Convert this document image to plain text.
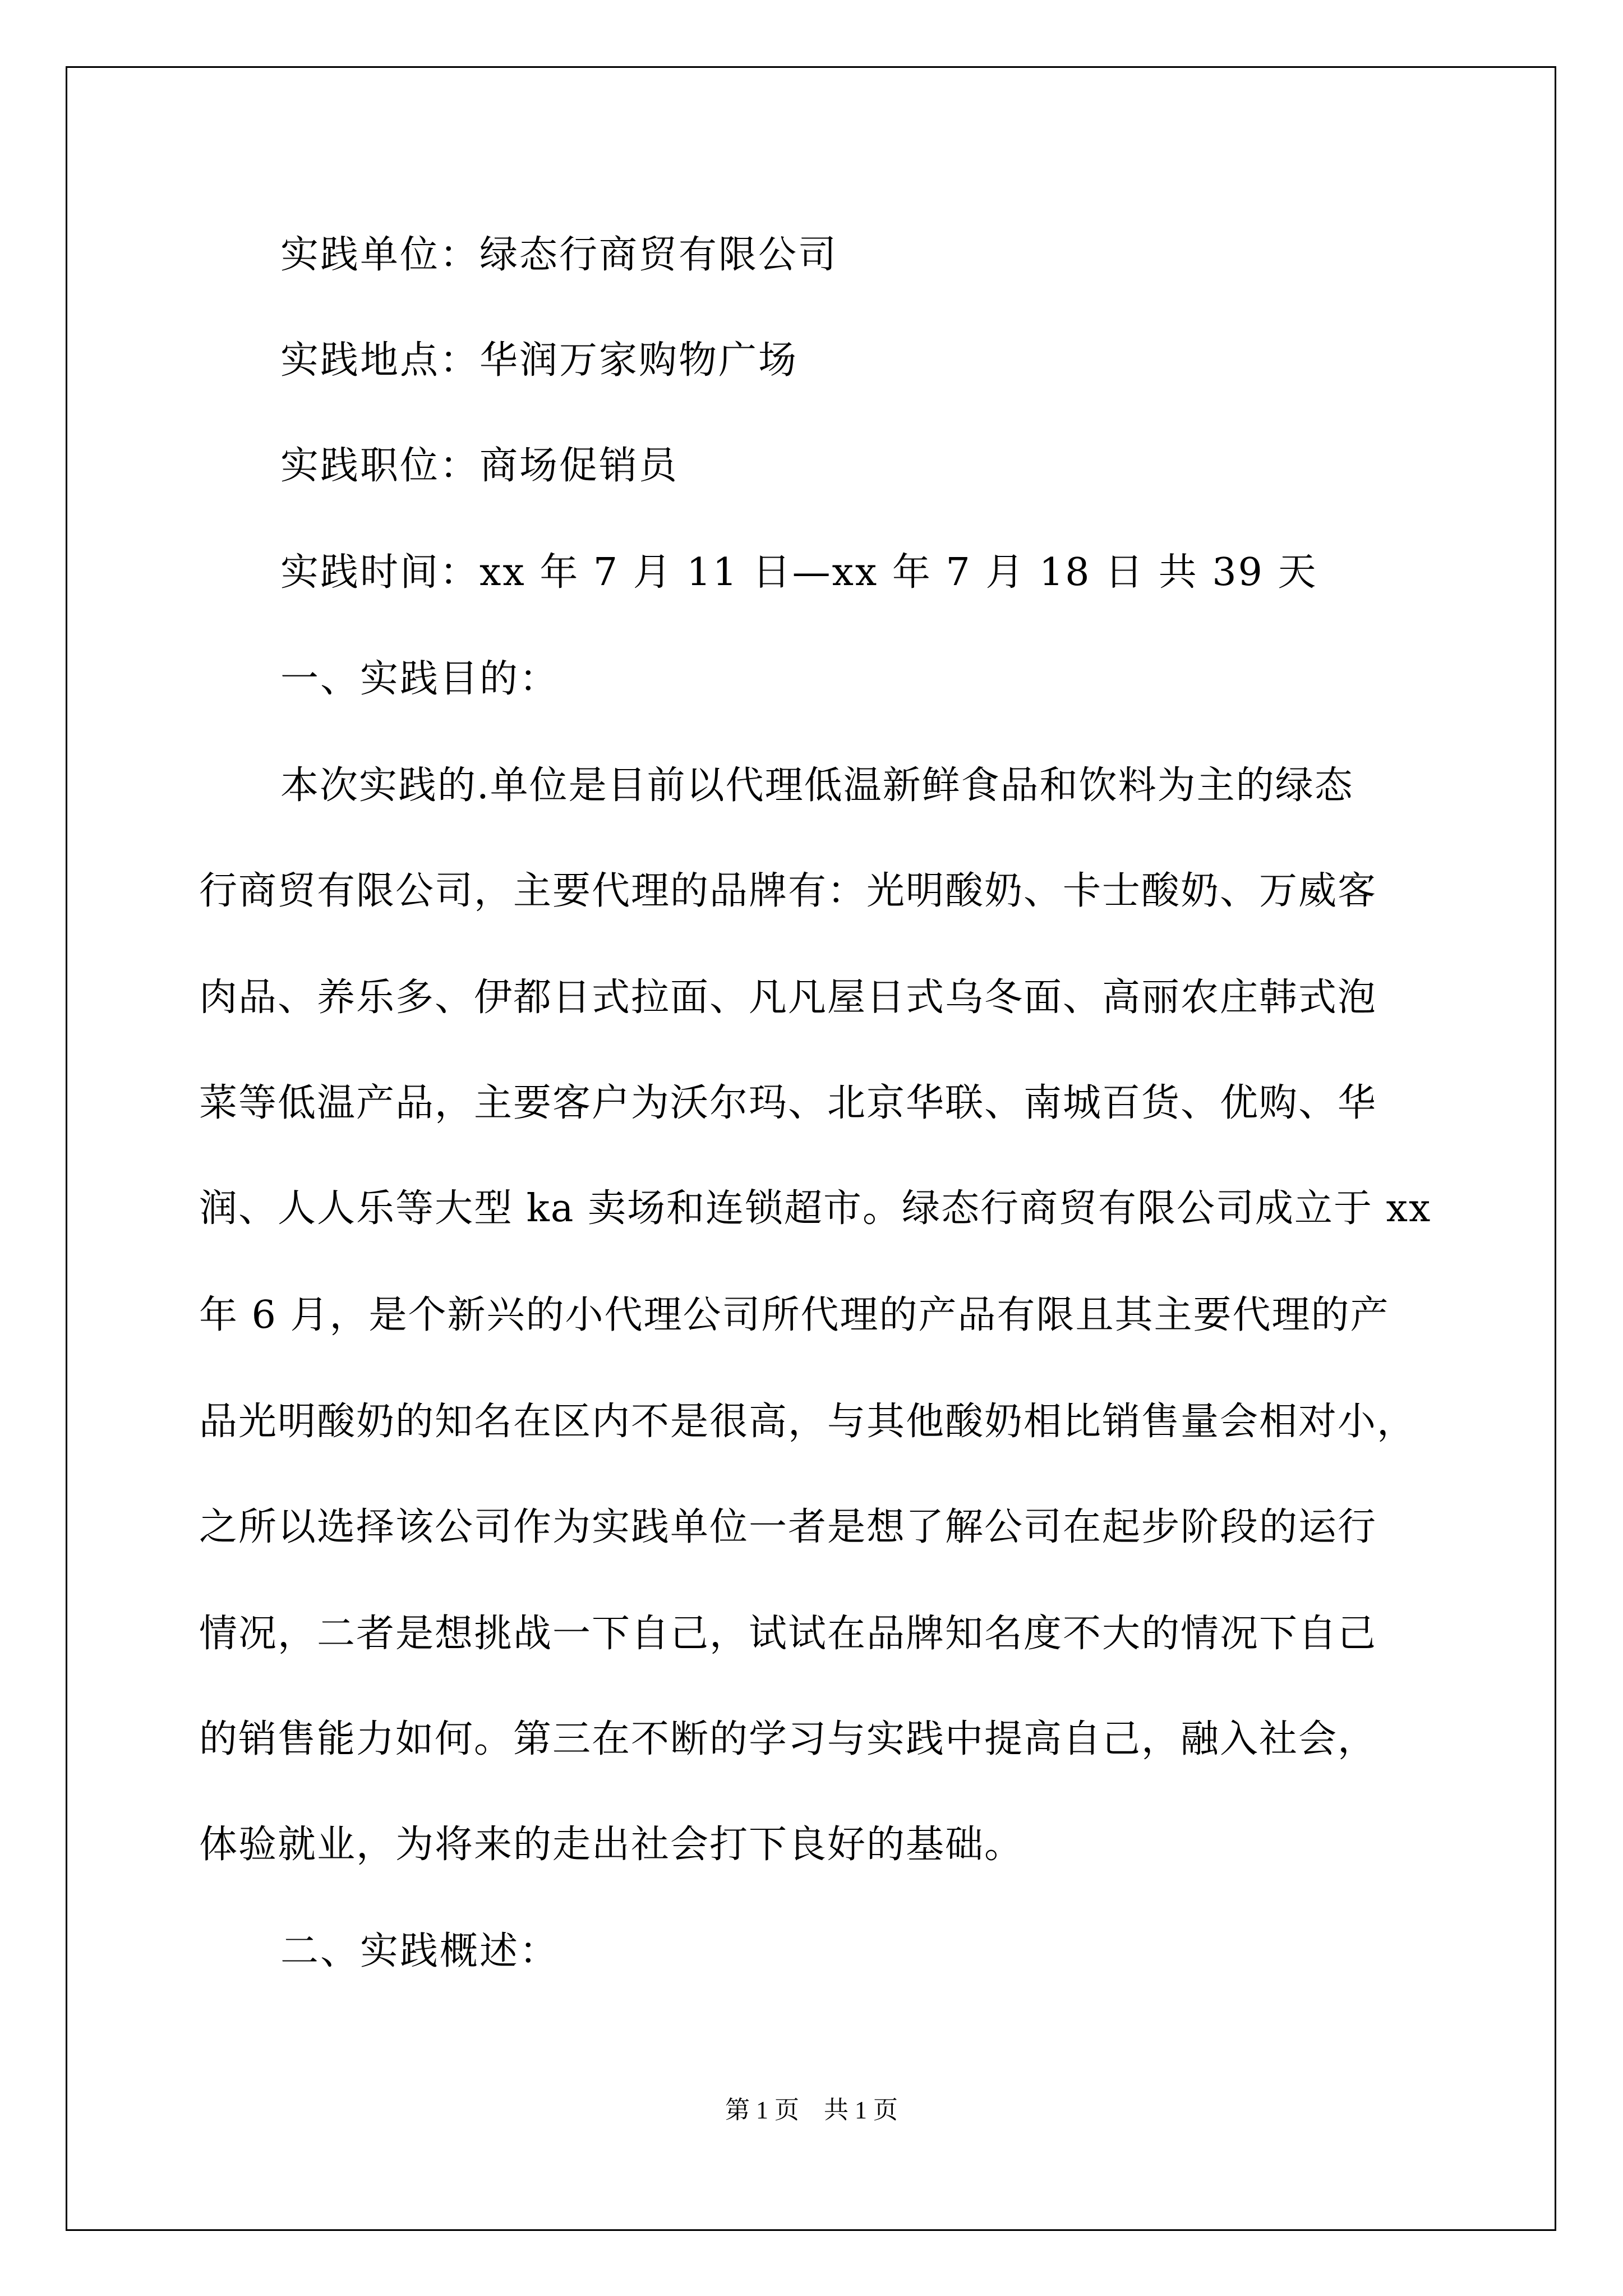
实践单位：绿态行商贸有限公司

实践地点：华润万家购物广场

实践职位：商场促销员

实践时间：xx 年 7 月 11 日—xx 年 7 月 18 日 共 39 天

一、实践目的：

本次实践的.单位是目前以代理低温新鲜食品和饮料为主的绿态

行商贸有限公司，主要代理的品牌有：光明酸奶、卡士酸奶、万威客

肉品、养乐多、伊都日式拉面、凡凡屋日式乌冬面、高丽农庄韩式泡

菜等低温产品，主要客户为沃尔玛、北京华联、南城百货、优购、华

润、人人乐等大型 ka 卖场和连锁超市。绿态行商贸有限公司成立于 xx

年 6 月，是个新兴的小代理公司所代理的产品有限且其主要代理的产

品光明酸奶的知名在区内不是很高，与其他酸奶相比销售量会相对小，

之所以选择该公司作为实践单位一者是想了解公司在起步阶段的运行

情况，二者是想挑战一下自己，试试在品牌知名度不大的情况下自己

的销售能力如何。第三在不断的学习与实践中提高自己，融入社会，

体验就业，为将来的走出社会打下良好的基础。

二、实践概述：
第 1 页　共 1 页
